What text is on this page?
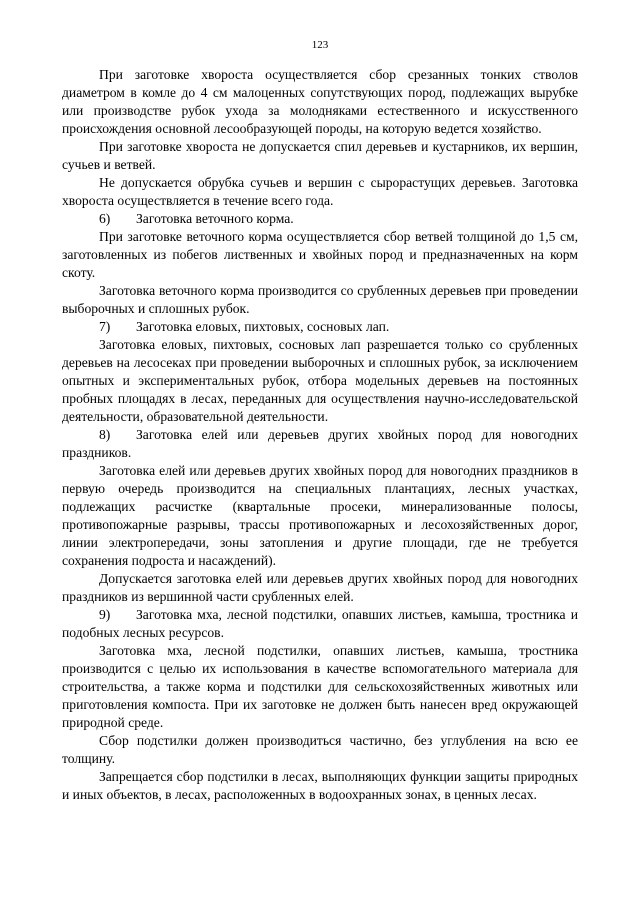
123

При заготовке хвороста осуществляется сбор срезанных тонких стволов диаметром в комле до 4 см малоценных сопутствующих пород, подлежащих вырубке или производстве рубок ухода за молодняками естественного и искусственного происхождения основной лесообразующей породы, на которую ведется хозяйство.

При заготовке хвороста не допускается спил деревьев и кустарников, их вершин, сучьев и ветвей.

Не допускается обрубка сучьев и вершин с сырорастущих деревьев. Заготовка хвороста осуществляется в течение всего года.

6) Заготовка веточного корма.

При заготовке веточного корма осуществляется сбор ветвей толщиной до 1,5 см, заготовленных из побегов лиственных и хвойных пород и предназначенных на корм скоту.

Заготовка веточного корма производится со срубленных деревьев при проведении выборочных и сплошных рубок.

7) Заготовка еловых, пихтовых, сосновых лап.

Заготовка еловых, пихтовых, сосновых лап разрешается только со срубленных деревьев на лесосеках при проведении выборочных и сплошных рубок, за исключением опытных и экспериментальных рубок, отбора модельных деревьев на постоянных пробных площадях в лесах, переданных для осуществления научно-исследовательской деятельности, образовательной деятельности.

8) Заготовка елей или деревьев других хвойных пород для новогодних праздников.

Заготовка елей или деревьев других хвойных пород для новогодних праздников в первую очередь производится на специальных плантациях, лесных участках, подлежащих расчистке (квартальные просеки, минерализованные полосы, противопожарные разрывы, трассы противопожарных и лесохозяйственных дорог, линии электропередачи, зоны затопления и другие площади, где не требуется сохранения подроста и насаждений).

Допускается заготовка елей или деревьев других хвойных пород для новогодних праздников из вершинной части срубленных елей.

9) Заготовка мха, лесной подстилки, опавших листьев, камыша, тростника и подобных лесных ресурсов.

Заготовка мха, лесной подстилки, опавших листьев, камыша, тростника производится с целью их использования в качестве вспомогательного материала для строительства, а также корма и подстилки для сельскохозяйственных животных или приготовления компоста. При их заготовке не должен быть нанесен вред окружающей природной среде.

Сбор подстилки должен производиться частично, без углубления на всю ее толщину.

Запрещается сбор подстилки в лесах, выполняющих функции защиты природных и иных объектов, в лесах, расположенных в водоохранных зонах, в ценных лесах.
